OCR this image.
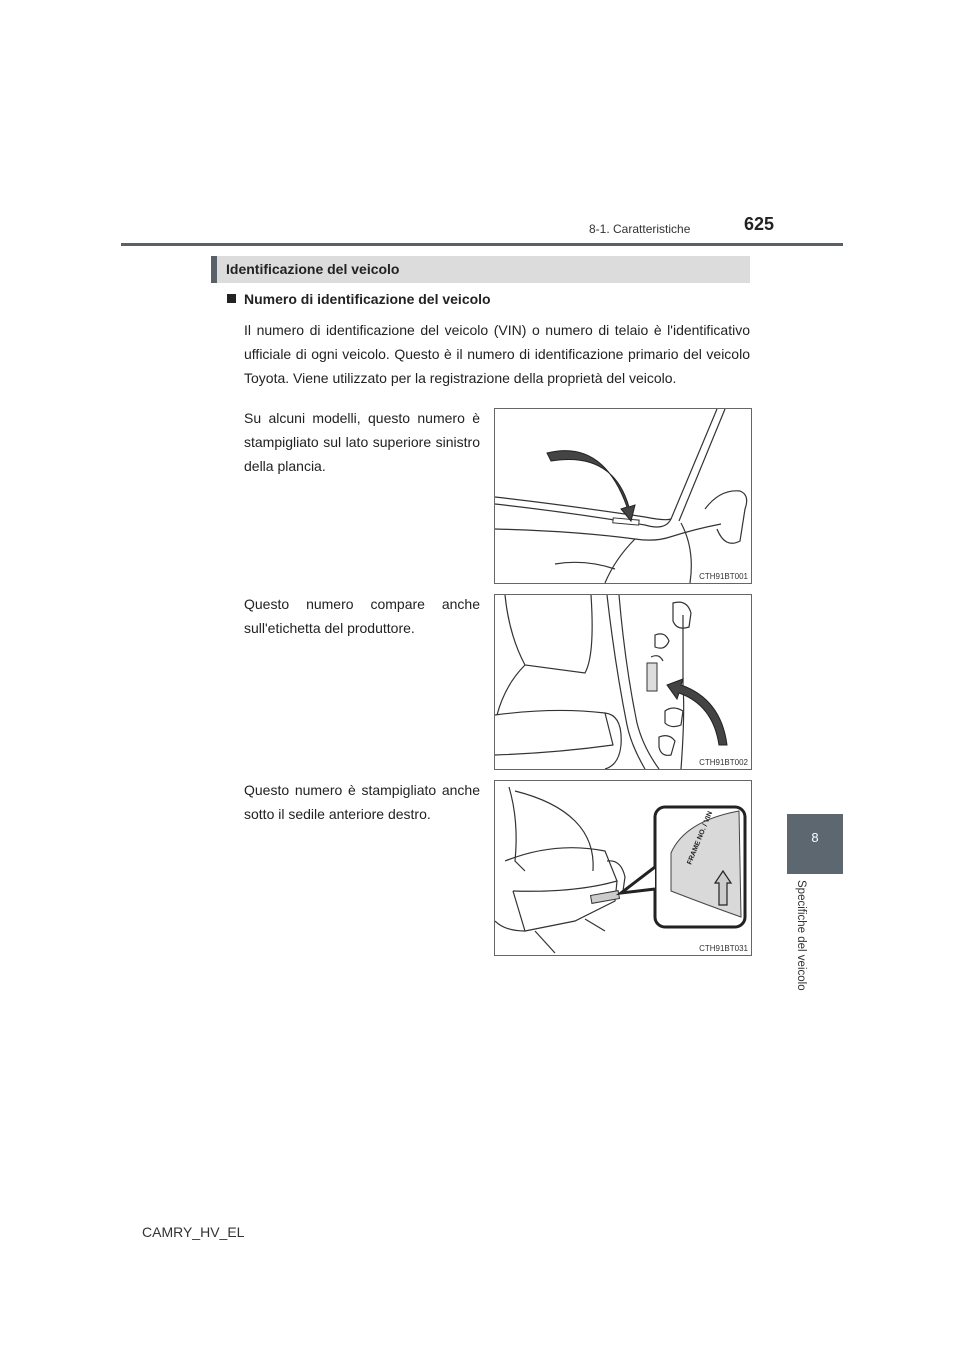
8-1. Caratteristiche	625
8
Specifiche del veicolo
Identificazione del veicolo
Numero di identificazione del veicolo
Il numero di identificazione del veicolo (VIN) o numero di telaio è l'identificativo ufficiale di ogni veicolo. Questo è il numero di identificazione primario del veicolo Toyota. Viene utilizzato per la registrazione della proprietà del veicolo.
Su alcuni modelli, questo numero è stampigliato sul lato superiore sinistro della plancia.
Questo numero compare anche sull'etichetta del produttore.
Questo numero è stampigliato anche sotto il sedile anteriore destro.
CTH91BT001
CTH91BT002
FRAME NO. / VIN
CTH91BT031
CAMRY_HV_EL
